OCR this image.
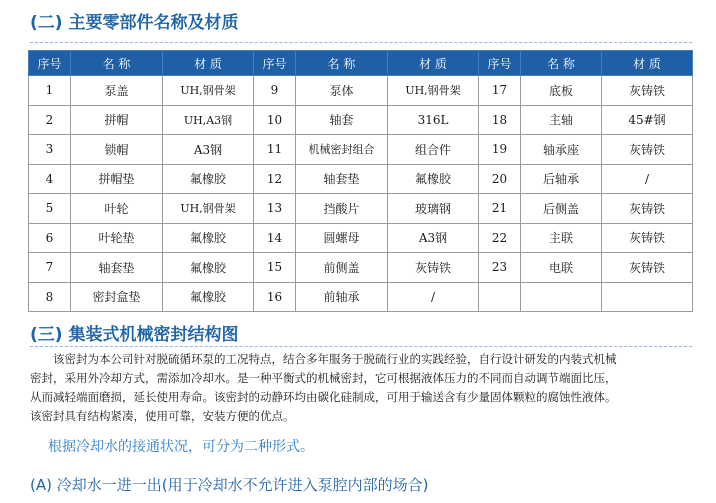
(二) 主要零部件名称及材质
序号	名 称	材 质	序号	名 称	材 质	序号	名 称	材 质
1	泵盖	UH,钢骨架	9	泵体	UH,钢骨架	17	底板	灰铸铁
2	拼帽	UH,A3钢	10	轴套	316L	18	主轴	45#钢
3	锁帽	A3钢	11	机械密封组合	组合件	19	轴承座	灰铸铁
4	拼帽垫	氟橡胶	12	轴套垫	氟橡胶	20	后轴承	/
5	叶轮	UH,钢骨架	13	挡酸片	玻璃钢	21	后侧盖	灰铸铁
6	叶轮垫	氟橡胶	14	圆螺母	A3钢	22	主联	灰铸铁
7	轴套垫	氟橡胶	15	前侧盖	灰铸铁	23	电联	灰铸铁
8	密封盒垫	氟橡胶	16	前轴承	/			
(三) 集装式机械密封结构图
　　该密封为本公司针对脱硫循环泵的工况特点，结合多年服务于脱硫行业的实践经验，自行设计研发的内装式机械
密封，采用外冷却方式，需添加冷却水。是一种平衡式的机械密封，它可根据液体压力的不同而自动调节端面比压，
从而减轻端面磨损，延长使用寿命。该密封的动静环均由碳化硅制成，可用于输送含有少量固体颗粒的腐蚀性液体。
该密封具有结构紧凑，使用可靠，安装方便的优点。
根据冷却水的接通状况，可分为二种形式。
(A) 冷却水一进一出(用于冷却水不允许进入泵腔内部的场合)
